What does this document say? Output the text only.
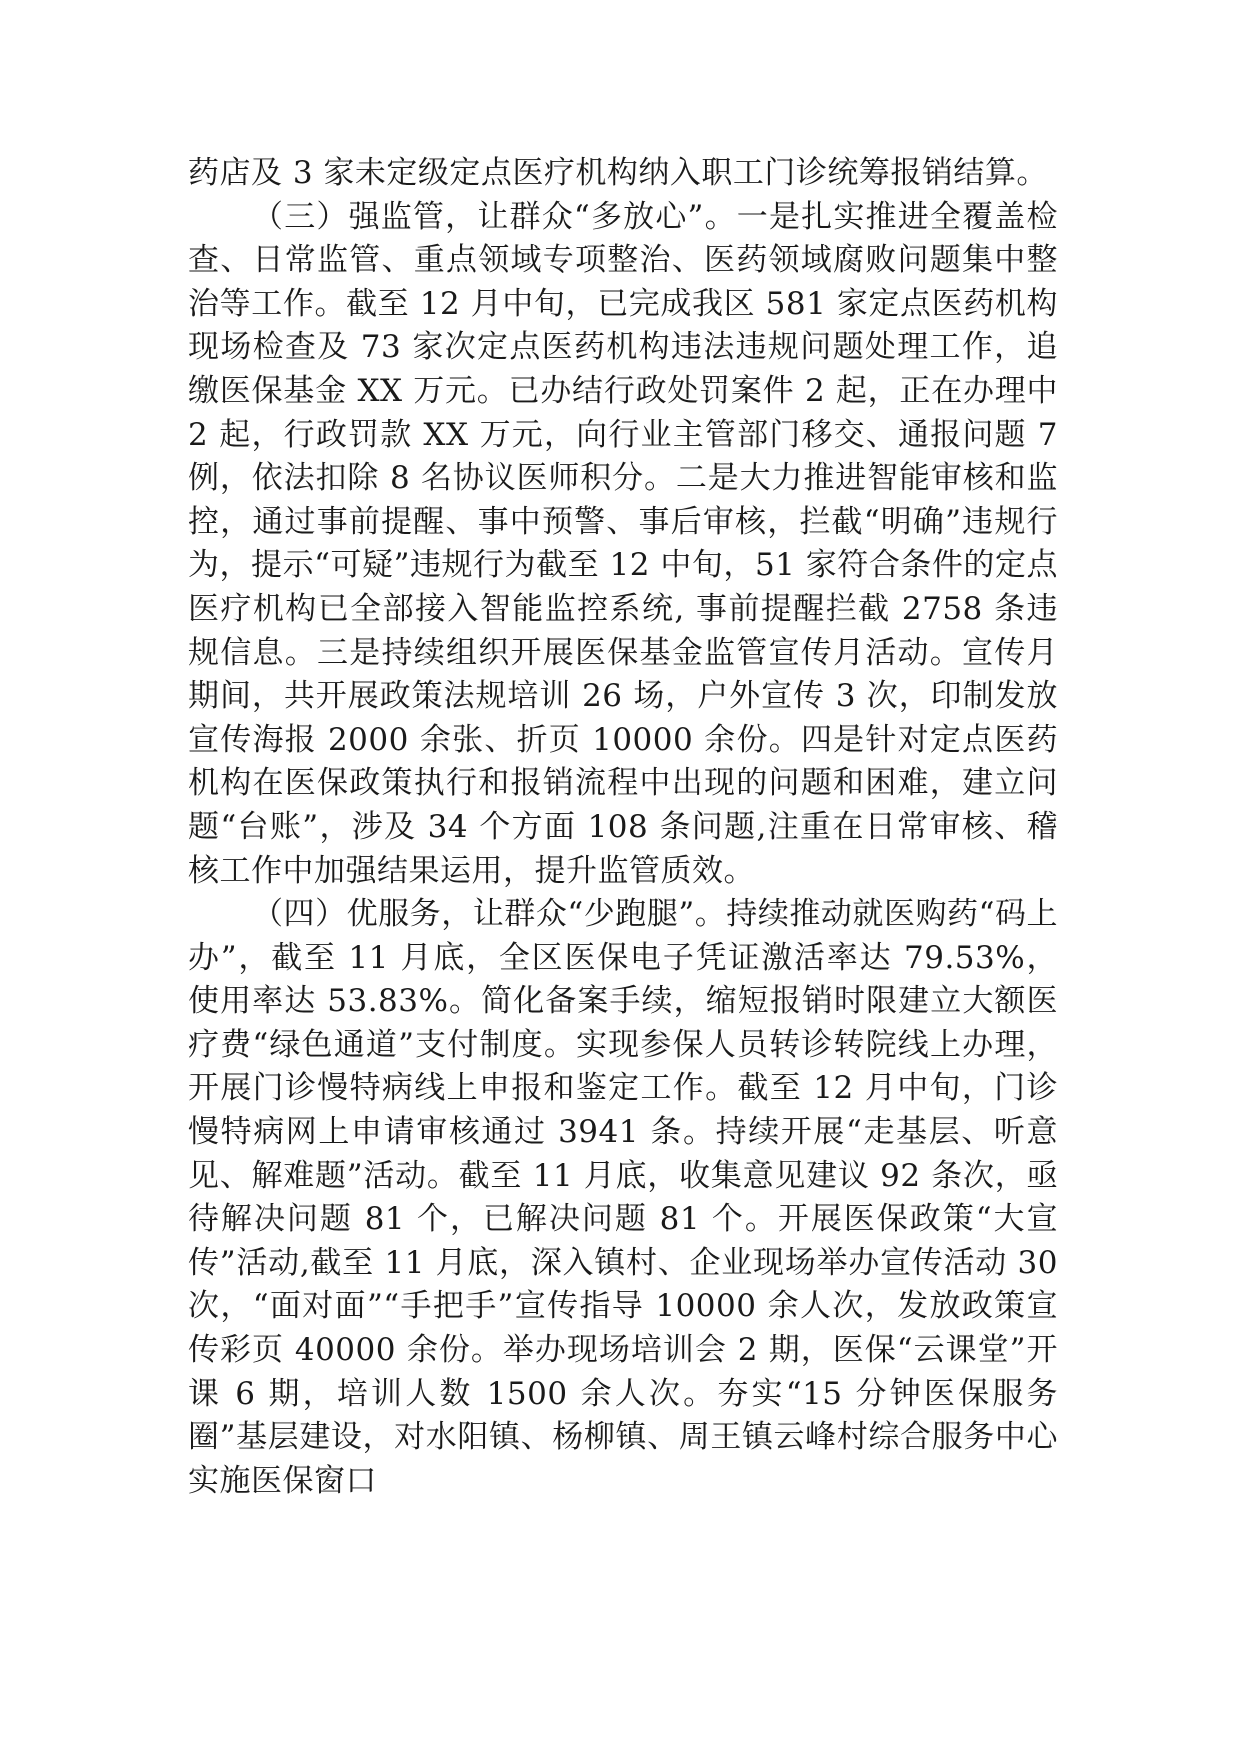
药店及 3 家未定级定点医疗机构纳入职工门诊统筹报销结算。

（三）强监管，让群众“多放心”。一是扎实推进全覆盖检查、日常监管、重点领域专项整治、医药领域腐败问题集中整治等工作。截至 12 月中旬，已完成我区 581 家定点医药机构现场检查及 73 家次定点医药机构违法违规问题处理工作，追缴医保基金 XX 万元。已办结行政处罚案件 2 起，正在办理中 2 起，行政罚款 XX 万元，向行业主管部门移交、通报问题 7 例，依法扣除 8 名协议医师积分。二是大力推进智能审核和监控，通过事前提醒、事中预警、事后审核，拦截“明确”违规行为，提示“可疑”违规行为截至 12 中旬，51 家符合条件的定点医疗机构已全部接入智能监控系统, 事前提醒拦截 2758 条违规信息。三是持续组织开展医保基金监管宣传月活动。宣传月期间，共开展政策法规培训 26 场，户外宣传 3 次，印制发放宣传海报 2000 余张、折页 10000 余份。四是针对定点医药机构在医保政策执行和报销流程中出现的问题和困难，建立问题“台账”，涉及 34 个方面 108 条问题,注重在日常审核、稽核工作中加强结果运用，提升监管质效。

（四）优服务，让群众“少跑腿”。持续推动就医购药“码上办”，截至 11 月底，全区医保电子凭证激活率达 79.53%，使用率达 53.83%。简化备案手续，缩短报销时限建立大额医疗费“绿色通道”支付制度。实现参保人员转诊转院线上办理，开展门诊慢特病线上申报和鉴定工作。截至 12 月中旬，门诊慢特病网上申请审核通过 3941 条。持续开展“走基层、听意见、解难题”活动。截至 11 月底，收集意见建议 92 条次，亟待解决问题 81 个，已解决问题 81 个。开展医保政策“大宣传”活动,截至 11 月底，深入镇村、企业现场举办宣传活动 30 次，“面对面”“手把手”宣传指导 10000 余人次，发放政策宣传彩页 40000 余份。举办现场培训会 2 期，医保“云课堂”开课 6 期，培训人数 1500 余人次。夯实“15 分钟医保服务圈”基层建设，对水阳镇、杨柳镇、周王镇云峰村综合服务中心实施医保窗口
